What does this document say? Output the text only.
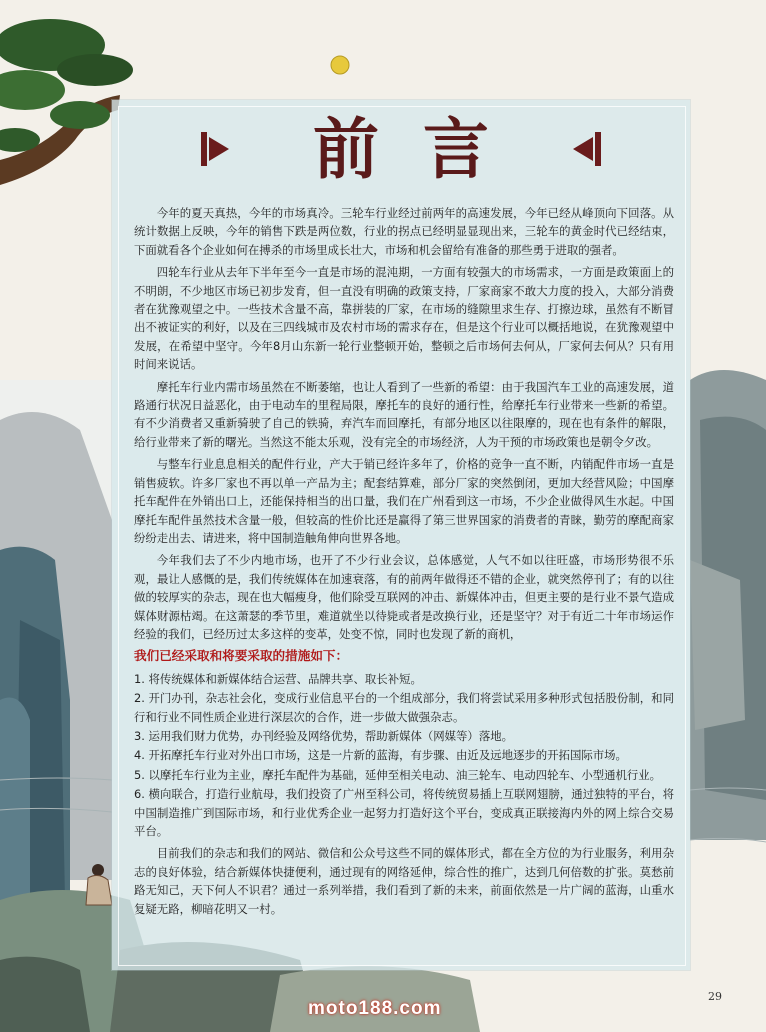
前言

今年的夏天真热，今年的市场真冷。三轮车行业经过前两年的高速发展，今年已经从峰顶向下回落。从统计数据上反映，今年的销售下跌是两位数，行业的拐点已经明显显现出来，三轮车的黄金时代已经结束，下面就看各个企业如何在搏杀的市场里成长壮大，市场和机会留给有准备的那些勇于进取的强者。

四轮车行业从去年下半年至今一直是市场的混沌期，一方面有较强大的市场需求，一方面是政策面上的不明朗，不少地区市场已初步发育，但一直没有明确的政策支持，厂家商家不敢大力度的投入，大部分消费者在犹豫观望之中。一些技术含量不高，靠拼装的厂家，在市场的缝隙里求生存、打擦边球，虽然有不断冒出不被证实的利好，以及在三四线城市及农村市场的需求存在，但是这个行业可以概括地说，在犹豫观望中发展，在希望中坚守。今年8月山东新一轮行业整顿开始，整顿之后市场何去何从，厂家何去何从？只有用时间来说话。

摩托车行业内需市场虽然在不断萎缩，也让人看到了一些新的希望：由于我国汽车工业的高速发展，道路通行状况日益恶化，由于电动车的里程局限，摩托车的良好的通行性，给摩托车行业带来一些新的希望。有不少消费者又重新骑驶了自己的铁骑，弃汽车而回摩托，有部分地区以往限摩的，现在也有条件的解限，给行业带来了新的曙光。当然这不能太乐观，没有完全的市场经济，人为干预的市场政策也是朝令夕改。

与整车行业息息相关的配件行业，产大于销已经许多年了，价格的竞争一直不断，内销配件市场一直是销售疲软。许多厂家也不再以单一产品为主；配套结算难，部分厂家的突然倒闭，更加大经营风险；中国摩托车配件在外销出口上，还能保持相当的出口量，我们在广州看到这一市场，不少企业做得风生水起。中国摩托车配件虽然技术含量一般，但较高的性价比还是赢得了第三世界国家的消费者的青睐，勤劳的摩配商家纷纷走出去、请进来，将中国制造触角伸向世界各地。

今年我们去了不少内地市场，也开了不少行业会议，总体感觉，人气不如以往旺盛，市场形势很不乐观，最让人感慨的是，我们传统媒体在加速衰落，有的前两年做得还不错的企业，就突然停刊了；有的以往做的较厚实的杂志，现在也大幅瘦身，他们除受互联网的冲击、新媒体冲击，但更主要的是行业不景气造成媒体财源枯竭。在这萧瑟的季节里，难道就坐以待毙或者是改换行业，还是坚守？对于有近二十年市场运作经验的我们，已经历过太多这样的变革，处变不惊，同时也发现了新的商机，

我们已经采取和将要采取的措施如下：
1. 将传统媒体和新媒体结合运营、品牌共享、取长补短。
2. 开门办刊，杂志社会化，变成行业信息平台的一个组成部分，我们将尝试采用多种形式包括股份制，和同行和行业不同性质企业进行深层次的合作，进一步做大做强杂志。
3. 运用我们财力优势，办刊经验及网络优势，帮助新媒体（网媒等）落地。
4. 开拓摩托车行业对外出口市场，这是一片新的蓝海，有步骤、由近及远地逐步的开拓国际市场。
5. 以摩托车行业为主业，摩托车配件为基础，延伸至相关电动、油三轮车、电动四轮车、小型通机行业。
6. 横向联合，打造行业航母，我们投资了广州至科公司，将传统贸易插上互联网翅膀，通过独特的平台，将中国制造推广到国际市场，和行业优秀企业一起努力打造好这个平台，变成真正联接海内外的网上综合交易平台。

目前我们的杂志和我们的网站、微信和公众号这些不同的媒体形式，都在全方位的为行业服务，利用杂志的良好体验，结合新媒体快捷便利，通过现有的网络延伸，综合性的推广，达到几何倍数的扩张。莫愁前路无知己，天下何人不识君？通过一系列举措，我们看到了新的未来，前面依然是一片广阔的蓝海，山重水复疑无路，柳暗花明又一村。

29
moto188.com
